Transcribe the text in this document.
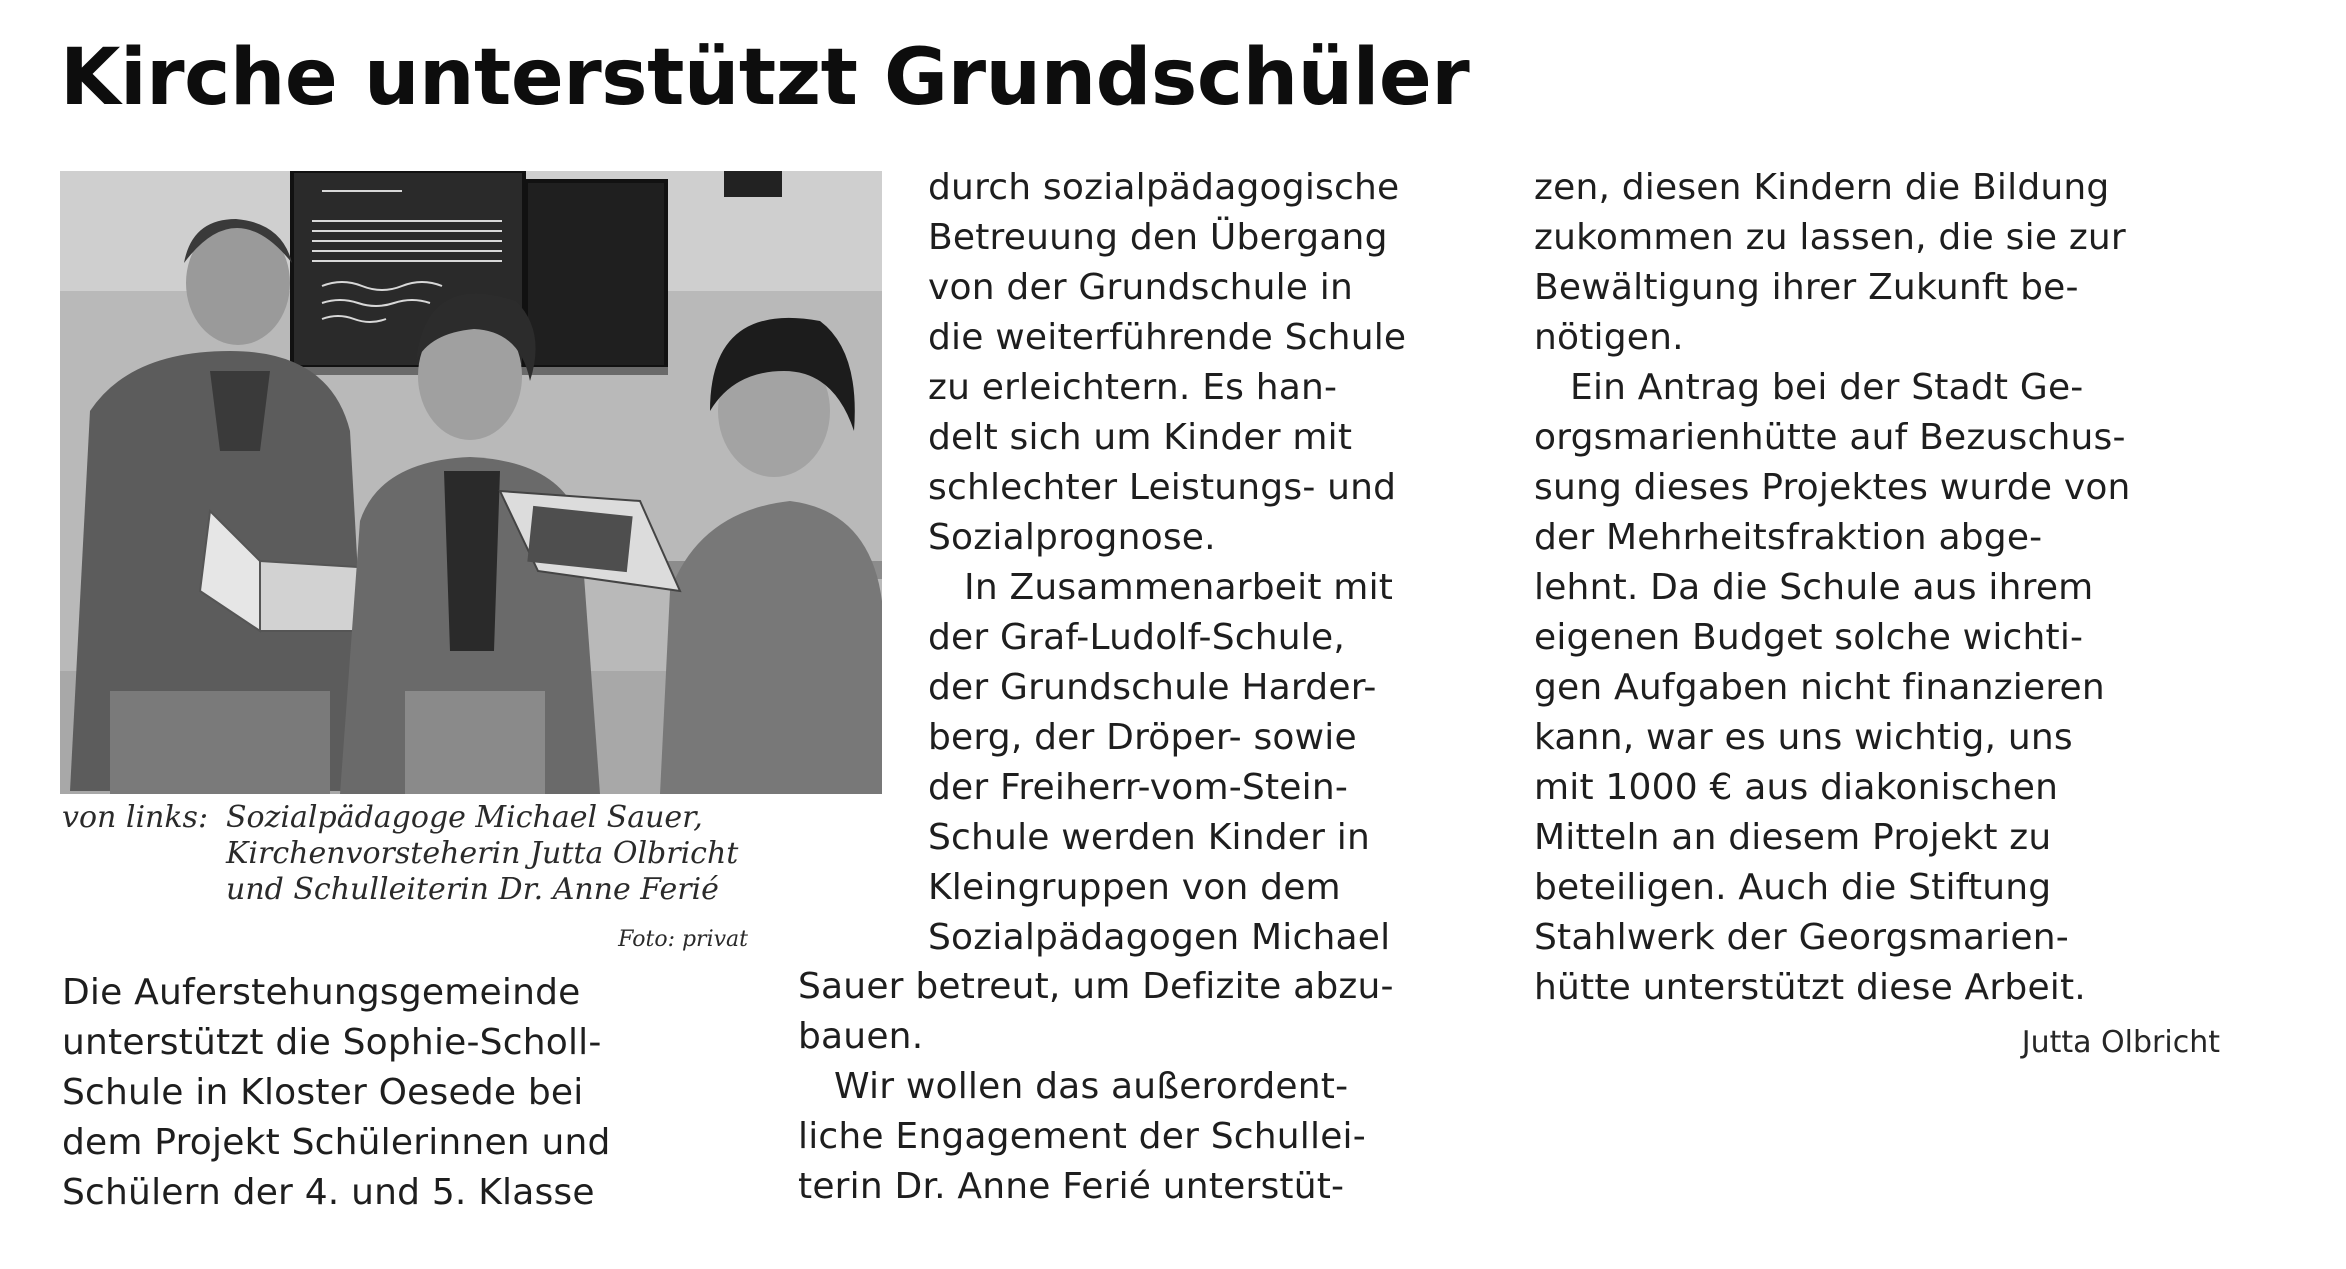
Kirche unterstützt Grundschüler
von links: Sozialpädagoge Michael Sauer,
Kirchenvorsteherin Jutta Olbricht
und Schulleiterin Dr. Anne Ferié
Foto: privat
Die Auferstehungsgemeinde
unterstützt die Sophie-Scholl-
Schule in Kloster Oesede bei
dem Projekt Schülerinnen und
Schülern der 4. und 5. Klasse
durch sozialpädagogische
Betreuung den Übergang
von der Grundschule in
die weiterführende Schule
zu erleichtern. Es han-
delt sich um Kinder mit
schlechter Leistungs- und
Sozialprognose.
In Zusammenarbeit mit
der Graf-Ludolf-Schule,
der Grundschule Harder-
berg, der Dröper- sowie
der Freiherr-vom-Stein-
Schule werden Kinder in
Kleingruppen von dem
Sozialpädagogen Michael
Sauer betreut, um Defizite abzu-
bauen.
Wir wollen das außerordent-
liche Engagement der Schullei-
terin Dr. Anne Ferié unterstüt-
zen, diesen Kindern die Bildung
zukommen zu lassen, die sie zur
Bewältigung ihrer Zukunft be-
nötigen.
Ein Antrag bei der Stadt Ge-
orgsmarienhütte auf Bezuschus-
sung dieses Projektes wurde von
der Mehrheitsfraktion abge-
lehnt. Da die Schule aus ihrem
eigenen Budget solche wichti-
gen Aufgaben nicht finanzieren
kann, war es uns wichtig, uns
mit 1000 € aus diakonischen
Mitteln an diesem Projekt zu
beteiligen. Auch die Stiftung
Stahlwerk der Georgsmarien-
hütte unterstützt diese Arbeit.
Jutta Olbricht
